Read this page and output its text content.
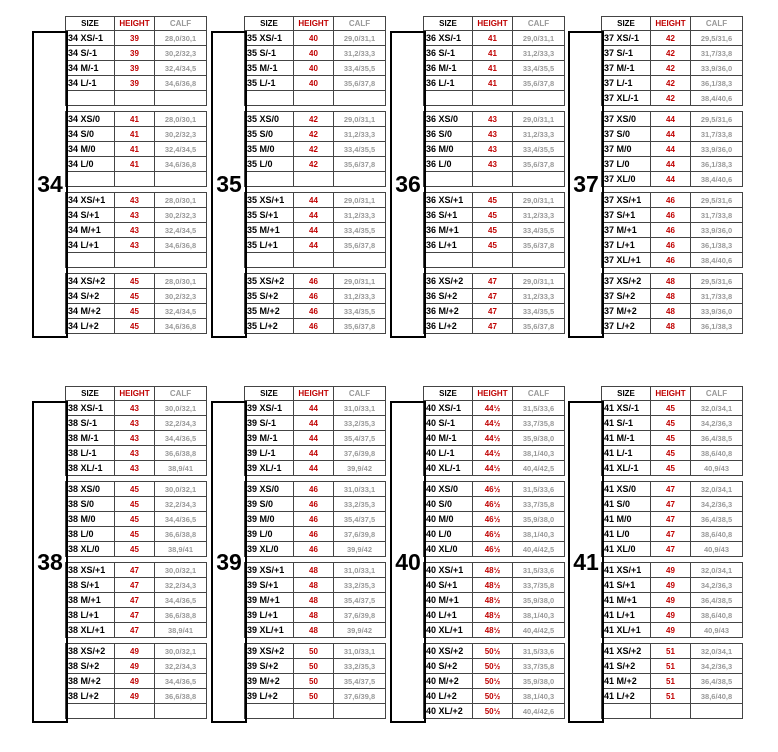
SIZE	HEIGHT	CALF
34 XS/-1	39	28,0/30,1
34 S/-1	39	30,2/32,3
34 M/-1	39	32,4/34,5
34 L/-1	39	34,6/36,8

34 XS/0	41	28,0/30,1
34 S/0	41	30,2/32,3
34 M/0	41	32,4/34,5
34 L/0	41	34,6/36,8

34 XS/+1	43	28,0/30,1
34 S/+1	43	30,2/32,3
34 M/+1	43	32,4/34,5
34 L/+1	43	34,6/36,8

34 XS/+2	45	28,0/30,1
34 S/+2	45	30,2/32,3
34 M/+2	45	32,4/34,5
34 L/+2	45	34,6/36,8
34
SIZE	HEIGHT	CALF
35 XS/-1	40	29,0/31,1
35 S/-1	40	31,2/33,3
35 M/-1	40	33,4/35,5
35 L/-1	40	35,6/37,8

35 XS/0	42	29,0/31,1
35 S/0	42	31,2/33,3
35 M/0	42	33,4/35,5
35 L/0	42	35,6/37,8

35 XS/+1	44	29,0/31,1
35 S/+1	44	31,2/33,3
35 M/+1	44	33,4/35,5
35 L/+1	44	35,6/37,8

35 XS/+2	46	29,0/31,1
35 S/+2	46	31,2/33,3
35 M/+2	46	33,4/35,5
35 L/+2	46	35,6/37,8
35
SIZE	HEIGHT	CALF
36 XS/-1	41	29,0/31,1
36 S/-1	41	31,2/33,3
36 M/-1	41	33,4/35,5
36 L/-1	41	35,6/37,8

36 XS/0	43	29,0/31,1
36 S/0	43	31,2/33,3
36 M/0	43	33,4/35,5
36 L/0	43	35,6/37,8

36 XS/+1	45	29,0/31,1
36 S/+1	45	31,2/33,3
36 M/+1	45	33,4/35,5
36 L/+1	45	35,6/37,8

36 XS/+2	47	29,0/31,1
36 S/+2	47	31,2/33,3
36 M/+2	47	33,4/35,5
36 L/+2	47	35,6/37,8
36
SIZE	HEIGHT	CALF
37 XS/-1	42	29,5/31,6
37 S/-1	42	31,7/33,8
37 M/-1	42	33,9/36,0
37 L/-1	42	36,1/38,3
37 XL/-1	42	38,4/40,6

37 XS/0	44	29,5/31,6
37 S/0	44	31,7/33,8
37 M/0	44	33,9/36,0
37 L/0	44	36,1/38,3
37 XL/0	44	38,4/40,6

37 XS/+1	46	29,5/31,6
37 S/+1	46	31,7/33,8
37 M/+1	46	33,9/36,0
37 L/+1	46	36,1/38,3
37 XL/+1	46	38,4/40,6

37 XS/+2	48	29,5/31,6
37 S/+2	48	31,7/33,8
37 M/+2	48	33,9/36,0
37 L/+2	48	36,1/38,3
37
SIZE	HEIGHT	CALF
38 XS/-1	43	30,0/32,1
38 S/-1	43	32,2/34,3
38 M/-1	43	34,4/36,5
38 L/-1	43	36,6/38,8
38 XL/-1	43	38,9/41

38 XS/0	45	30,0/32,1
38 S/0	45	32,2/34,3
38 M/0	45	34,4/36,5
38 L/0	45	36,6/38,8
38 XL/0	45	38,9/41

38 XS/+1	47	30,0/32,1
38 S/+1	47	32,2/34,3
38 M/+1	47	34,4/36,5
38 L/+1	47	36,6/38,8
38 XL/+1	47	38,9/41

38 XS/+2	49	30,0/32,1
38 S/+2	49	32,2/34,3
38 M/+2	49	34,4/36,5
38 L/+2	49	36,6/38,8

38
SIZE	HEIGHT	CALF
39 XS/-1	44	31,0/33,1
39 S/-1	44	33,2/35,3
39 M/-1	44	35,4/37,5
39 L/-1	44	37,6/39,8
39 XL/-1	44	39,9/42

39 XS/0	46	31,0/33,1
39 S/0	46	33,2/35,3
39 M/0	46	35,4/37,5
39 L/0	46	37,6/39,8
39 XL/0	46	39,9/42

39 XS/+1	48	31,0/33,1
39 S/+1	48	33,2/35,3
39 M/+1	48	35,4/37,5
39 L/+1	48	37,6/39,8
39 XL/+1	48	39,9/42

39 XS/+2	50	31,0/33,1
39 S/+2	50	33,2/35,3
39 M/+2	50	35,4/37,5
39 L/+2	50	37,6/39,8

39
SIZE	HEIGHT	CALF
40 XS/-1	44½	31,5/33,6
40 S/-1	44½	33,7/35,8
40 M/-1	44½	35,9/38,0
40 L/-1	44½	38,1/40,3
40 XL/-1	44½	40,4/42,5

40 XS/0	46½	31,5/33,6
40 S/0	46½	33,7/35,8
40 M/0	46½	35,9/38,0
40 L/0	46½	38,1/40,3
40 XL/0	46½	40,4/42,5

40 XS/+1	48½	31,5/33,6
40 S/+1	48½	33,7/35,8
40 M/+1	48½	35,9/38,0
40 L/+1	48½	38,1/40,3
40 XL/+1	48½	40,4/42,5

40 XS/+2	50½	31,5/33,6
40 S/+2	50½	33,7/35,8
40 M/+2	50½	35,9/38,0
40 L/+2	50½	38,1/40,3
40 XL/+2	50½	40,4/42,6
40
SIZE	HEIGHT	CALF
41 XS/-1	45	32,0/34,1
41 S/-1	45	34,2/36,3
41 M/-1	45	36,4/38,5
41 L/-1	45	38,6/40,8
41 XL/-1	45	40,9/43

41 XS/0	47	32,0/34,1
41 S/0	47	34,2/36,3
41 M/0	47	36,4/38,5
41 L/0	47	38,6/40,8
41 XL/0	47	40,9/43

41 XS/+1	49	32,0/34,1
41 S/+1	49	34,2/36,3
41 M/+1	49	36,4/38,5
41 L/+1	49	38,6/40,8
41 XL/+1	49	40,9/43

41 XS/+2	51	32,0/34,1
41 S/+2	51	34,2/36,3
41 M/+2	51	36,4/38,5
41 L/+2	51	38,6/40,8

41
